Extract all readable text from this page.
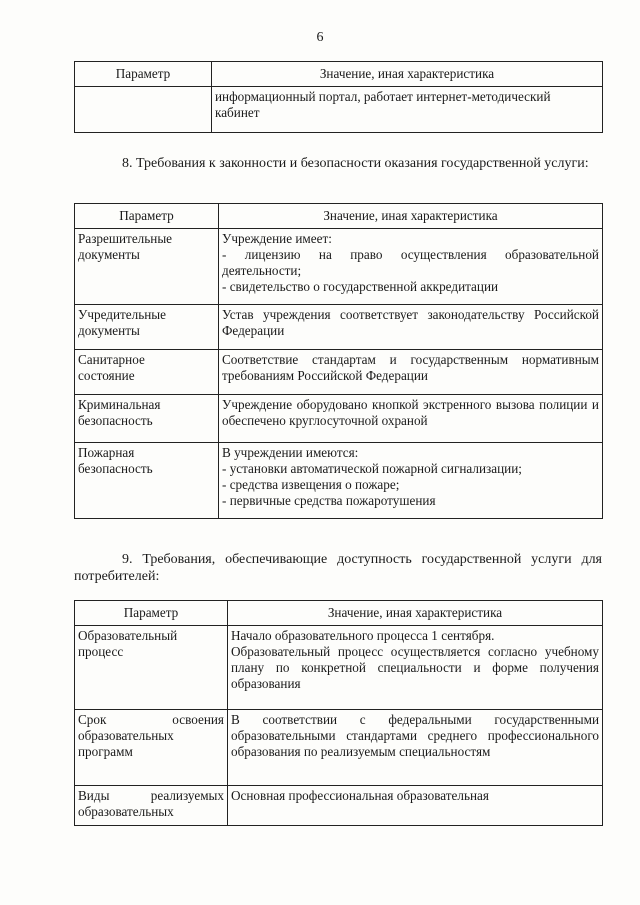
6
Параметр	Значение, иная характеристика

	информационный портал, работает интернет-методический
кабинет
8. Требования к законности и безопасности оказания государственной услуги:
Параметр	Значение, иная характеристика

Разрешительные
документы	Учреждение имеет:
- лицензию на право осуществления образовательной деятельности;
- свидетельство о государственной аккредитации

Учредительные
документы	Устав учреждения соответствует законодательству Российской Федерации

Санитарное
состояние	Соответствие стандартам и государственным нормативным требованиям Российской Федерации

Криминальная
безопасность	Учреждение оборудовано кнопкой экстренного вызова полиции и обеспечено круглосуточной охраной

Пожарная
безопасность	В учреждении имеются:
- установки автоматической пожарной сигнализации;
- средства извещения о пожаре;
- первичные средства пожаротушения
9. Требования, обеспечивающие доступность государственной услуги для потребителей:
Параметр	Значение, иная характеристика

Образовательный
процесс	Начало образовательного процесса 1 сентября.
Образовательный процесс осуществляется согласно учебному плану по конкретной специальности и форме получения образования

Срок освоения образовательных программ	В соответствии с федеральными государственными образовательными стандартами среднего профессионального образования по реализуемым специальностям
Виды реализуемых образовательных	Основная профессиональная образовательная
